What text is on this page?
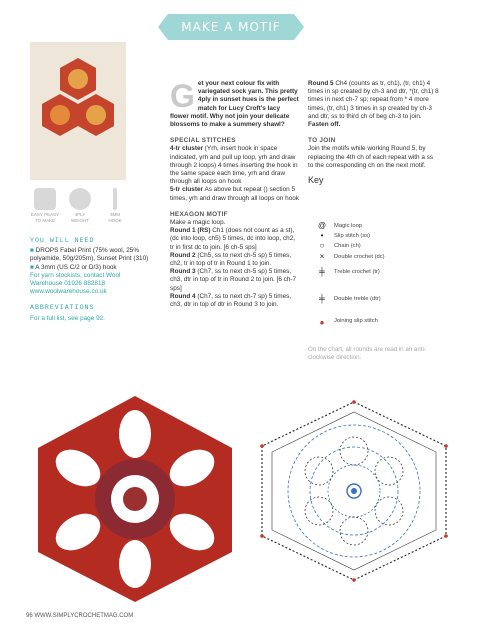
MAKE A MOTIF
EASY PEASY
TO MAKE
4PLY
WEIGHT
3MM
HOOK

YOU WILL NEED

■ DROPS Fabel Print (75% wool, 25% polyamide, 50g/205m), Sunset Print (310)

■ A 3mm (US C/2 or D/3) hook

For yarn stockists, contact Wool Warehouse 01926 882818 www.woolwarehouse.co.uk

ABBREVIATIONS

For a full list, see page 92.

Get your next colour fix with variegated sock yarn. This pretty 4ply in sunset hues is the perfect match for Lucy Croft's lacy flower motif. Why not join your delicate blossoms to make a summery shawl?

SPECIAL STITCHES

4-tr cluster (Yrh, insert hook in space indicated, yrh and pull up loop, yrh and draw through 2 loops) 4 times inserting the hook in the same space each time, yrh and draw through all loops on hook

5-tr cluster As above but repeat () section 5 times, yrh and draw through all loops on hook

HEXAGON MOTIF

Make a magic loop.

Round 1 (RS) Ch1 (does not count as a st), (dc into loop, ch5) 5 times, dc into loop, ch2, tr in first dc to join. [6 ch-5 sps]

Round 2 (Ch5, ss to next ch-5 sp) 5 times, ch2, tr in top of tr in Round 1 to join.

Round 3 (Ch7, ss to next ch-5 sp) 5 times, ch3, dtr in top of tr in Round 2 to join. [6 ch-7 sps]

Round 4 (Ch7, ss to next ch-7 sp) 5 times, ch3, dtr in top of dtr in Round 3 to join.

Round 5 Ch4 (counts as tr, ch1), (tr, ch1) 4 times in sp created by ch-3 and dtr, *(tr, ch1) 8 times in next ch-7 sp; repeat from * 4 more times, (tr, ch1) 3 times in sp created by ch-3 and dtr, ss to third ch of beg ch-3 to join.

Fasten off.

TO JOIN

Join the motifs while working Round 5, by replacing the 4th ch of each repeat with a ss to the corresponding ch on the next motif.

Key

@	Magic loop
•	Slip stitch (ss)
○	Chain (ch)
×	Double crochet (dc)
╪	Treble crochet (tr)
╪	Double treble (dtr)
●	Joining slip stitch
On the chart, all rounds are read in an anti-clockwise direction.
96 WWW.SIMPLYCROCHETMAG.COM
